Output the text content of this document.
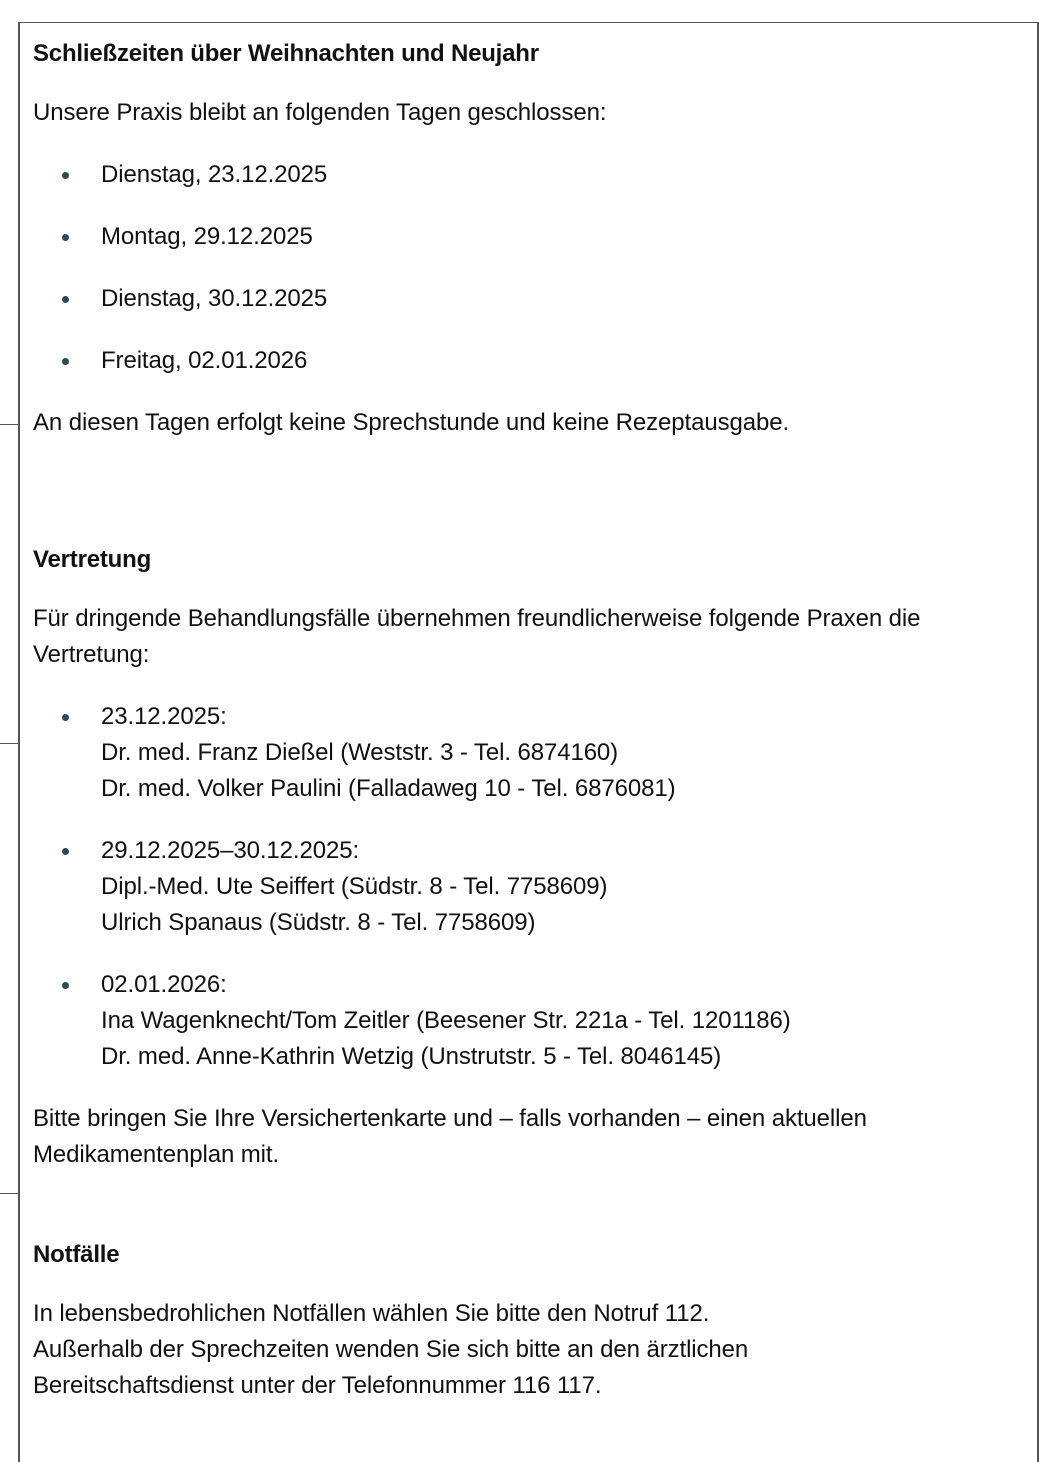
Schließzeiten über Weihnachten und Neujahr

Unsere Praxis bleibt an folgenden Tagen geschlossen:

Dienstag, 23.12.2025
Montag, 29.12.2025
Dienstag, 30.12.2025
Freitag, 02.01.2026

An diesen Tagen erfolgt keine Sprechstunde und keine Rezeptausgabe.

Vertretung

Für dringende Behandlungsfälle übernehmen freundlicherweise folgende Praxen die Vertretung:

23.12.2025:
Dr. med. Franz Dießel (Weststr. 3 - Tel. 6874160)
Dr. med. Volker Paulini (Falladaweg 10 - Tel. 6876081)
29.12.2025–30.12.2025:
Dipl.-Med. Ute Seiffert (Südstr. 8 - Tel. 7758609)
Ulrich Spanaus (Südstr. 8 - Tel. 7758609)
02.01.2026:
Ina Wagenknecht/Tom Zeitler (Beesener Str. 221a - Tel. 1201186)
Dr. med. Anne-Kathrin Wetzig (Unstrutstr. 5 - Tel. 8046145)

Bitte bringen Sie Ihre Versichertenkarte und – falls vorhanden – einen aktuellen Medikamentenplan mit.

Notfälle

In lebensbedrohlichen Notfällen wählen Sie bitte den Notruf 112.

Außerhalb der Sprechzeiten wenden Sie sich bitte an den ärztlichen Bereitschaftsdienst unter der Telefonnummer 116 117.
